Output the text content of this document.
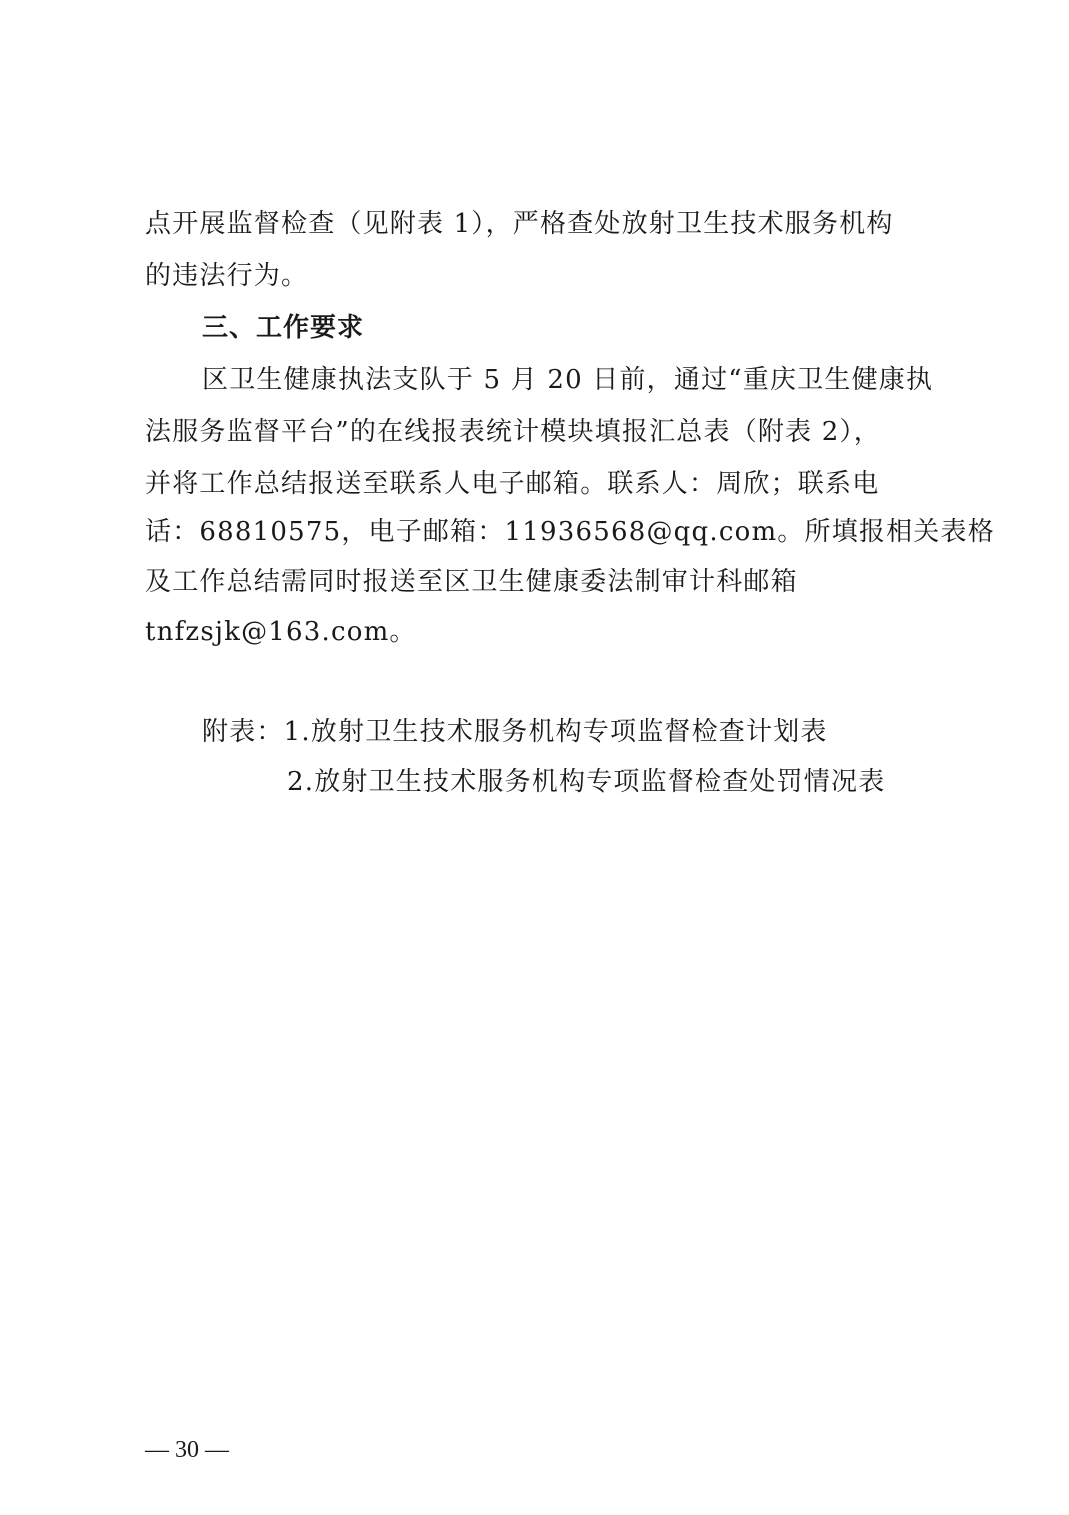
点开展监督检查（见附表 1），严格查处放射卫生技术服务机构
的违法行为。
三、工作要求
区卫生健康执法支队于 5 月 20 日前，通过“重庆卫生健康执
法服务监督平台”的在线报表统计模块填报汇总表（附表 2），
并将工作总结报送至联系人电子邮箱。联系人：周欣；联系电
话：68810575，电子邮箱：11936568@qq.com。所填报相关表格
及工作总结需同时报送至区卫生健康委法制审计科邮箱
tnfzsjk@163.com。
附表：1.放射卫生技术服务机构专项监督检查计划表
2.放射卫生技术服务机构专项监督检查处罚情况表
— 30 —
